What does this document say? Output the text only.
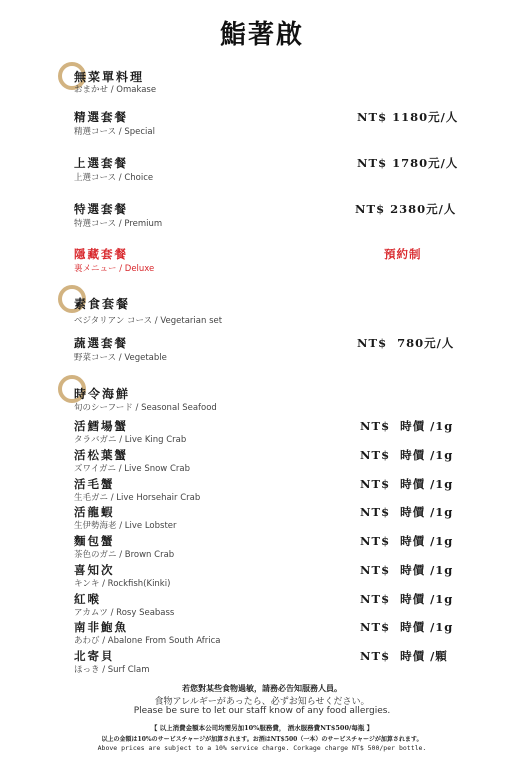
鮨著啟
無菜單料理
おまかせ / Omakase
精選套餐
精選コース / Special
NT$ 1180元/人
上選套餐
上選コース / Choice
NT$ 1780元/人
特選套餐
特選コース / Premium
NT$ 2380元/人
隱藏套餐
裏メニュー / Deluxe
預約制
素食套餐
ベジタリアン コース / Vegetarian set
蔬選套餐
野菜コース / Vegetable
NT$  780元/人
時令海鮮
旬のシーフード / Seasonal Seafood
活鱈場蟹
タラバガニ / Live King Crab
NT$  時價 /1g
活松葉蟹
ズワイガニ / Live Snow Crab
NT$  時價 /1g
活毛蟹
生毛ガニ / Live Horsehair Crab
NT$  時價 /1g
活龍蝦
生伊勢海老 / Live Lobster
NT$  時價 /1g
麵包蟹
茶色のガニ / Brown Crab
NT$  時價 /1g
喜知次
キンキ / Rockfish(Kinki)
NT$  時價 /1g
紅喉
アカムツ / Rosy Seabass
NT$  時價 /1g
南非鮑魚
あわび / Abalone From South Africa
NT$  時價 /1g
北寄貝
ほっき / Surf Clam
NT$  時價 /顆
若您對某些食物過敏，請務必告知服務人員。
食物アレルギーがあったら、必ずお知らせください。
Please be sure to let our staff know of any food allergies.
【 以上消費金額本公司均需另加10%服務費， 酒水服務費NT$500/每瓶 】
以上の金額は10%のサービスチャージが加算されます。お酒はNT$500（一本）のサービスチャージが加算されます。
Above prices are subject to a 10% service charge. Corkage charge NT$ 500/per bottle.
